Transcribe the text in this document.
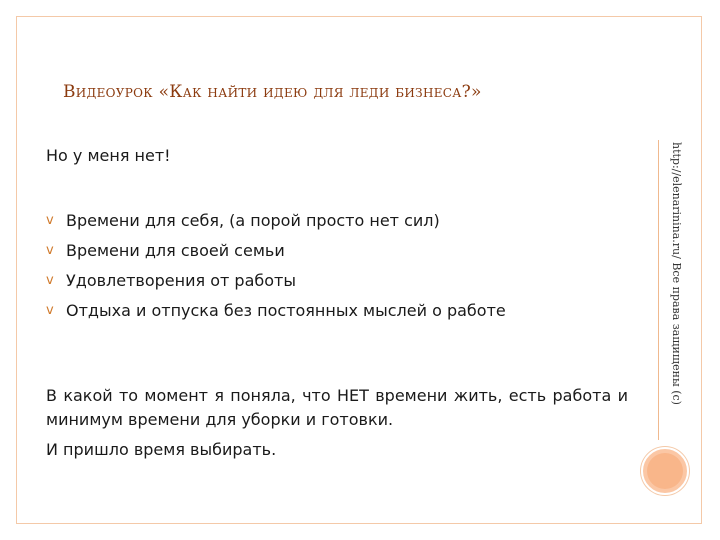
Видеоурок «Как найти идею для леди бизнеса?»
Но у меня нет!
v Времени для себя, (а порой просто нет сил)
v Времени для своей семьи
v Удовлетворения от работы
v Отдыха и отпуска без постоянных мыслей о работе

В какой то момент я поняла, что НЕТ времени жить, есть работа и минимум времени для уборки и готовки.

И пришло время выбирать.

http://elenarinina.ru/ Все права защищены (с)
